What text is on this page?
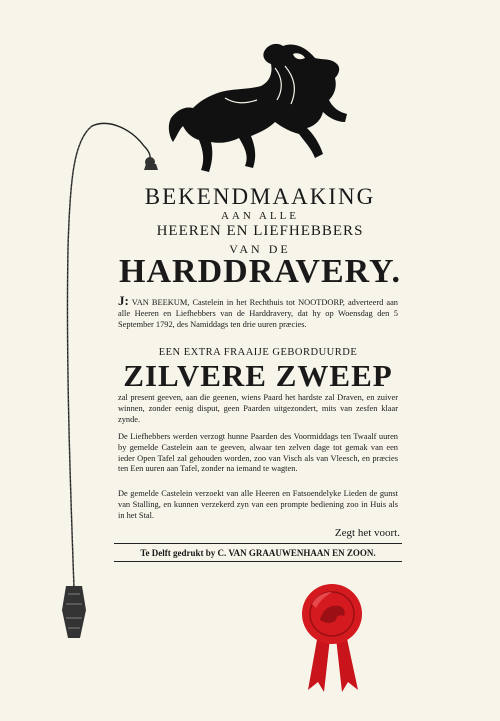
BEKENDMAAKING
AAN ALLE
HEEREN EN LIEFHEBBERS
VAN DE
HARDDRAVERY.
J: VAN BEEKUM, Castelein in het Rechthuis tot NOOTDORP, adverteerd aan alle Heeren en Liefhebbers van de Harddravery, dat hy op Woensdag den 5 September 1792, des Namiddags ten drie uuren præcies.
EEN EXTRA FRAAIJE GEBORDUURDE
ZILVERE ZWEEP
zal present geeven, aan die geenen, wiens Paard het hardste zal Draven, en zuiver winnen, zonder eenig disput, geen Paarden uitgezondert, mits van zesfen klaar zynde.
De Liefhebbers werden verzogt hunne Paarden des Voormiddags ten Twaalf uuren by gemelde Castelein aan te geeven, alwaar ten zelven dage tot gemak van een ieder Open Tafel zal gehouden worden, zoo van Visch als van Vleesch, en præcies ten Een uuren aan Tafel, zonder na iemand te wagten.
De gemelde Castelein verzoekt van alle Heeren en Fatsoendelyke Lieden de gunst van Stalling, en kunnen verzekerd zyn van een prompte bediening zoo in Huis als in het Stal.
Zegt het voort.
Te Delft gedrukt by C. VAN GRAAUWENHAAN EN ZOON.
